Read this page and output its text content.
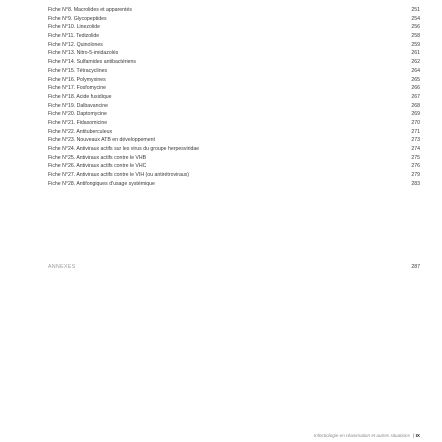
Fiche N°8. Macrolides et apparentés	251
Fiche N°9. Glycopeptides	254
Fiche N°10. Linezolide	256
Fiche N°11. Tedizolide	258
Fiche N°12. Quinolones	259
Fiche N°13. Nitro-5-imidazolés	261
Fiche N°14. Sulfamides antibactériens	262
Fiche N°15. Tétracyclines	264
Fiche N°16. Polymyxines	265
Fiche N°17. Fosfomycine	266
Fiche N°18. Acide fusidique	267
Fiche N°19. Dalbavancine	268
Fiche N°20. Daptomycine	269
Fiche N°21. Fidaxomicine	270
Fiche N°22. Antituberculeux	271
Fiche N°23. Nouveaux ATB en développement	273
Fiche N°24. Antiviraux actifs sur les virus du groupe herpesviridae	274
Fiche N°25. Antiviraux actifs contre le VHB	275
Fiche N°26. Antiviraux actifs contre le VHC	276
Fiche N°27. Antiviraux actifs contre le VIH (ou antirétroviraux)	279
Fiche N°28. Antifongiques d'usage systémique	283
ANNEXES	287
Infectiologie en réanimation et autres situations | IX
